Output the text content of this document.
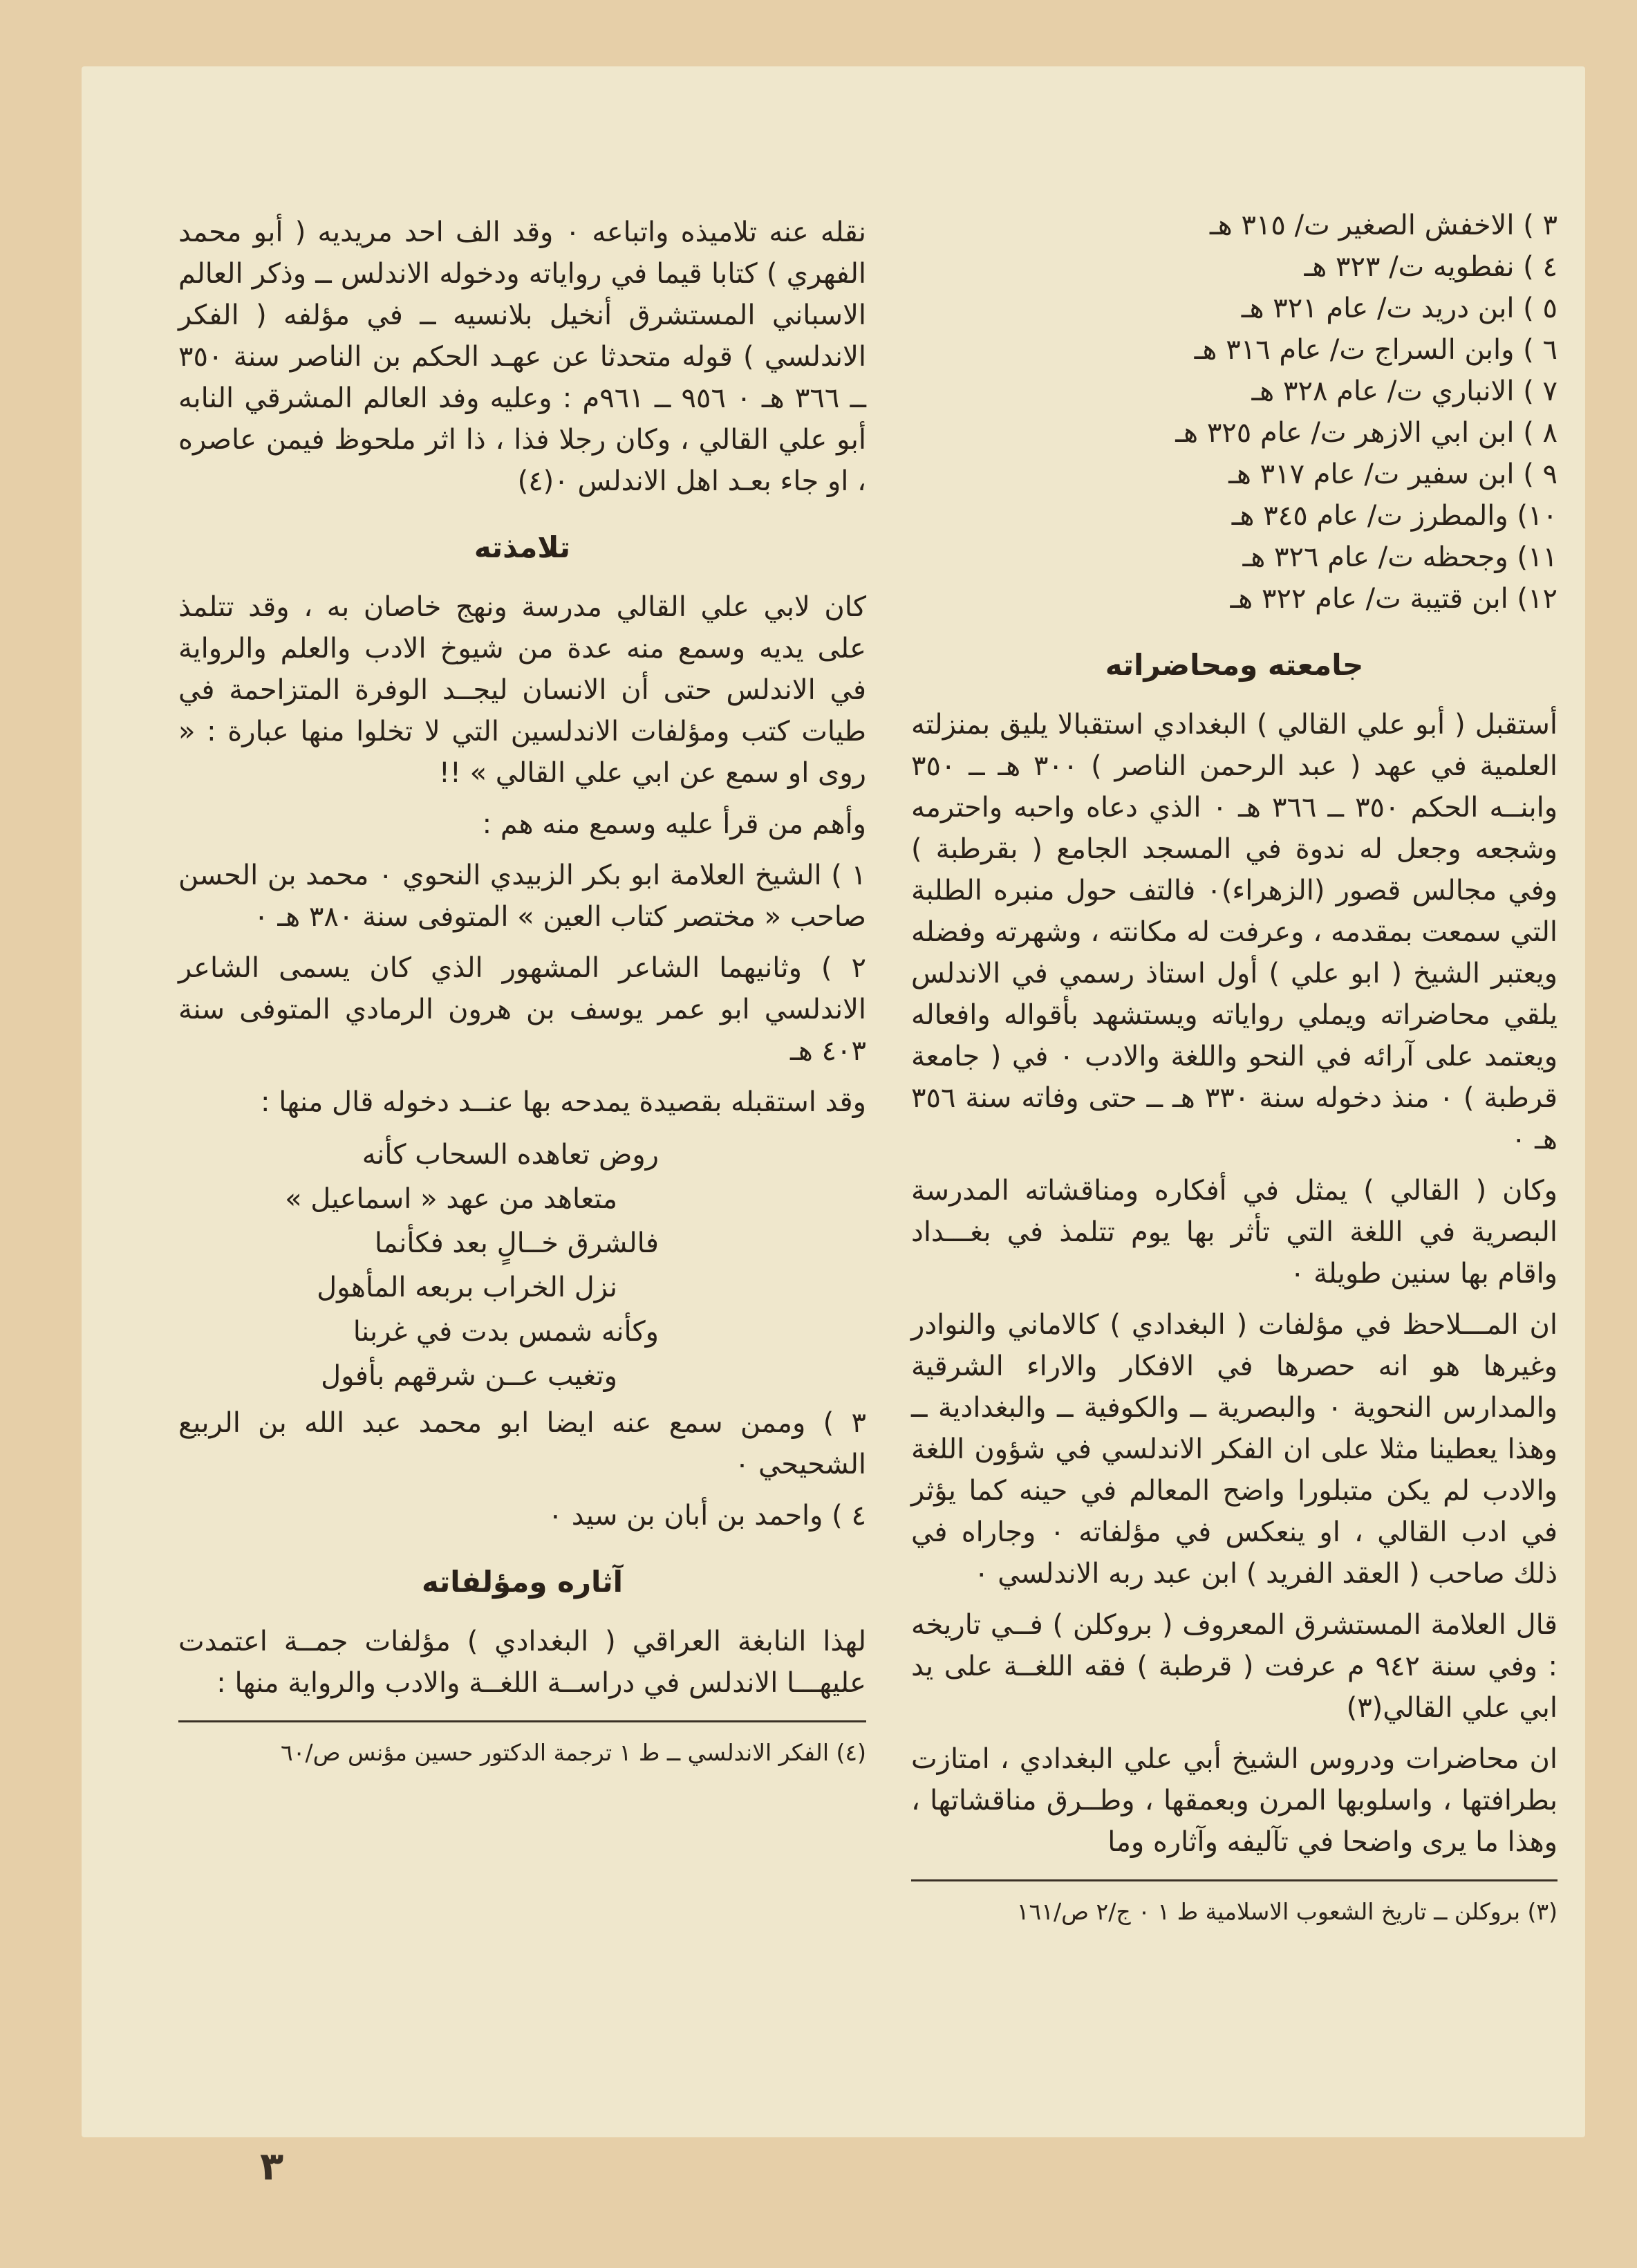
٣ ) الاخفش الصغير ت/ ٣١٥ هـ
٤ ) نفطويه ت/ ٣٢٣ هـ
٥ ) ابن دريد ت/ عام ٣٢١ هـ
٦ ) وابن السراج ت/ عام ٣١٦ هـ
٧ ) الانباري ت/ عام ٣٢٨ هـ
٨ ) ابن ابي الازهر ت/ عام ٣٢٥ هـ
٩ ) ابن سفير ت/ عام ٣١٧ هـ
١٠) والمطرز ت/ عام ٣٤٥ هـ
١١) وجحظه ت/ عام ٣٢٦ هـ
١٢) ابن قتيبة ت/ عام ٣٢٢ هـ
جامعته ومحاضراته

أستقبل ( أبو علي القالي ) البغدادي استقبالا يليق بمنزلته العلمية في عهد ( عبد الرحمن الناصر ) ٣٠٠ هـ ــ ٣٥٠ وابنــه الحكم ٣٥٠ ــ ٣٦٦ هـ ٠ الذي دعاه واحبه واحترمه وشجعه وجعل له ندوة في المسجد الجامع ( بقرطبة ) وفي مجالس قصور (الزهراء)٠ فالتف حول منبره الطلبة التي سمعت بمقدمه ، وعرفت له مكانته ، وشهرته وفضله ويعتبر الشيخ ( ابو علي ) أول استاذ رسمي في الاندلس يلقي محاضراته ويملي رواياته ويستشهد بأقواله وافعاله ويعتمد على آرائه في النحو واللغة والادب ٠ في ( جامعة قرطبة ) ٠ منذ دخوله سنة ٣٣٠ هـ ــ حتى وفاته سنة ٣٥٦ هـ ٠

وكان ( القالي ) يمثل في أفكاره ومناقشاته المدرسة البصرية في اللغة التي تأثر بها يوم تتلمذ في بغـــداد واقام بها سنين طويلة ٠

ان المـــلاحظ في مؤلفات ( البغدادي ) كالاماني والنوادر وغيرها هو انه حصرها في الافكار والاراء الشرقية والمدارس النحوية ٠ والبصرية ــ والكوفية ــ والبغدادية ــ وهذا يعطينا مثلا على ان الفكر الاندلسي في شؤون اللغة والادب لم يكن متبلورا واضح المعالم في حينه كما يؤثر في ادب القالي ، او ينعكس في مؤلفاته ٠ وجاراه في ذلك صاحب ( العقد الفريد ) ابن عبد ربه الاندلسي ٠

قال العلامة المستشرق المعروف ( بروكلن ) فــي تاريخه : وفي سنة ٩٤٢ م عرفت ( قرطبة ) فقه اللغــة على يد ابي علي القالي(٣)

ان محاضرات ودروس الشيخ أبي علي البغدادي ، امتازت بطرافتها ، واسلوبها المرن وبعمقها ، وطــرق مناقشاتها ، وهذا ما يرى واضحا في تآليفه وآثاره وما

(٣) بروكلن ــ تاريخ الشعوب الاسلامية ط ١ ٠ ج/٢ ص/١٦١

نقله عنه تلاميذه واتباعه ٠ وقد الف احد مريديه ( أبو محمد الفهري ) كتابا قيما في رواياته ودخوله الاندلس ــ وذكر العالم الاسباني المستشرق أنخيل بلانسيه ــ في مؤلفه ( الفكر الاندلسي ) قوله متحدثا عن عهـد الحكم بن الناصر سنة ٣٥٠ ــ ٣٦٦ هـ ٠ ٩٥٦ ــ ٩٦١م : وعليه وفد العالم المشرقي النابه أبو علي القالي ، وكان رجلا فذا ، ذا اثر ملحوظ فيمن عاصره ، او جاء بعـد اهل الاندلس ٠(٤)

تلامذته

كان لابي علي القالي مدرسة ونهج خاصان به ، وقد تتلمذ على يديه وسمع منه عدة من شيوخ الادب والعلم والرواية في الاندلس حتى أن الانسان ليجــد الوفرة المتزاحمة في طيات كتب ومؤلفات الاندلسين التي لا تخلوا منها عبارة : « روى او سمع عن ابي علي القالي » !!

وأهم من قرأ عليه وسمع منه هم :

١ ) الشيخ العلامة ابو بكر الزبيدي النحوي ٠ محمد بن الحسن صاحب « مختصر كتاب العين » المتوفى سنة ٣٨٠ هـ ٠

٢ ) وثانيهما الشاعر المشهور الذي كان يسمى الشاعر الاندلسي ابو عمر يوسف بن هرون الرمادي المتوفى سنة ٤٠٣ هـ

وقد استقبله بقصيدة يمدحه بها عنــد دخوله قال منها :

روض تعاهده السحاب كأنه
متعاهد من عهد « اسماعيل »
فالشرق خــالٍ بعد فكأنما
نزل الخراب بربعه المأهول
وكأنه شمس بدت في غربنا
وتغيب عــن شرقهم بأفول

٣ ) وممن سمع عنه ايضا ابو محمد عبد الله بن الربيع الشحيحي ٠

٤ ) واحمد بن أبان بن سيد ٠

آثاره ومؤلفاته

لهذا النابغة العراقي ( البغدادي ) مؤلفات جمــة اعتمدت عليهـــا الاندلس في دراســة اللغــة والادب والرواية منها :

(٤) الفكر الاندلسي ــ ط ١ ترجمة الدكتور حسين مؤنس ص/٦٠
٣
